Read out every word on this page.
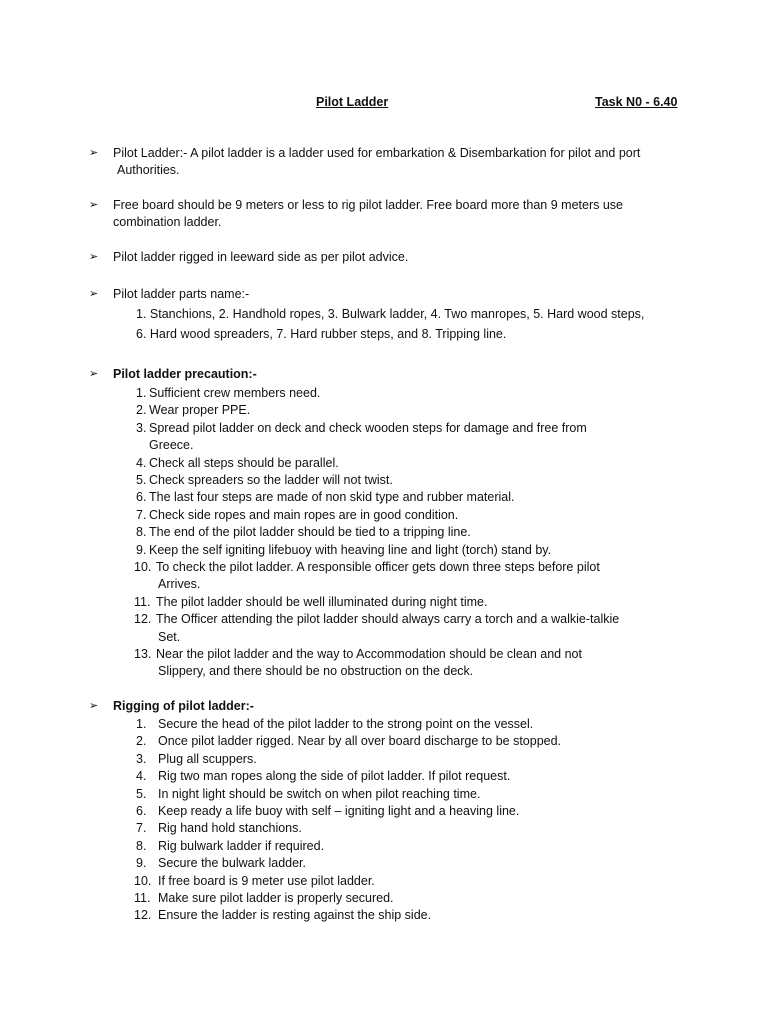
Pilot Ladder	Task N0 - 6.40
➢ Pilot Ladder:- A pilot ladder is a ladder used for embarkation & Disembarkation for pilot and port
Authorities.
➢ Free board should be 9 meters or less to rig pilot ladder. Free board more than 9 meters use
combination ladder.
➢ Pilot ladder rigged in leeward side as per pilot advice.
➢ Pilot ladder parts name:-
1. Stanchions, 2. Handhold ropes, 3. Bulwark ladder, 4. Two manropes, 5. Hard wood steps,
6. Hard wood spreaders, 7. Hard rubber steps, and 8. Tripping line.
➢ Pilot ladder precaution:-
1. Sufficient crew members need.
2. Wear proper PPE.
3. Spread pilot ladder on deck and check wooden steps for damage and free from
Greece.
4. Check all steps should be parallel.
5. Check spreaders so the ladder will not twist.
6. The last four steps are made of non skid type and rubber material.
7. Check side ropes and main ropes are in good condition.
8. The end of the pilot ladder should be tied to a tripping line.
9. Keep the self igniting lifebuoy with heaving line and light (torch) stand by.
10. To check the pilot ladder. A responsible officer gets down three steps before pilot
Arrives.
11. The pilot ladder should be well illuminated during night time.
12. The Officer attending the pilot ladder should always carry a torch and a walkie-talkie
Set.
13. Near the pilot ladder and the way to Accommodation should be clean and not
Slippery, and there should be no obstruction on the deck.
➢ Rigging of pilot ladder:-
1. Secure the head of the pilot ladder to the strong point on the vessel.
2. Once pilot ladder rigged. Near by all over board discharge to be stopped.
3. Plug all scuppers.
4. Rig two man ropes along the side of pilot ladder. If pilot request.
5. In night light should be switch on when pilot reaching time.
6. Keep ready a life buoy with self – igniting light and a heaving line.
7. Rig hand hold stanchions.
8. Rig bulwark ladder if required.
9. Secure the bulwark ladder.
10. If free board is 9 meter use pilot ladder.
11. Make sure pilot ladder is properly secured.
12. Ensure the ladder is resting against the ship side.
